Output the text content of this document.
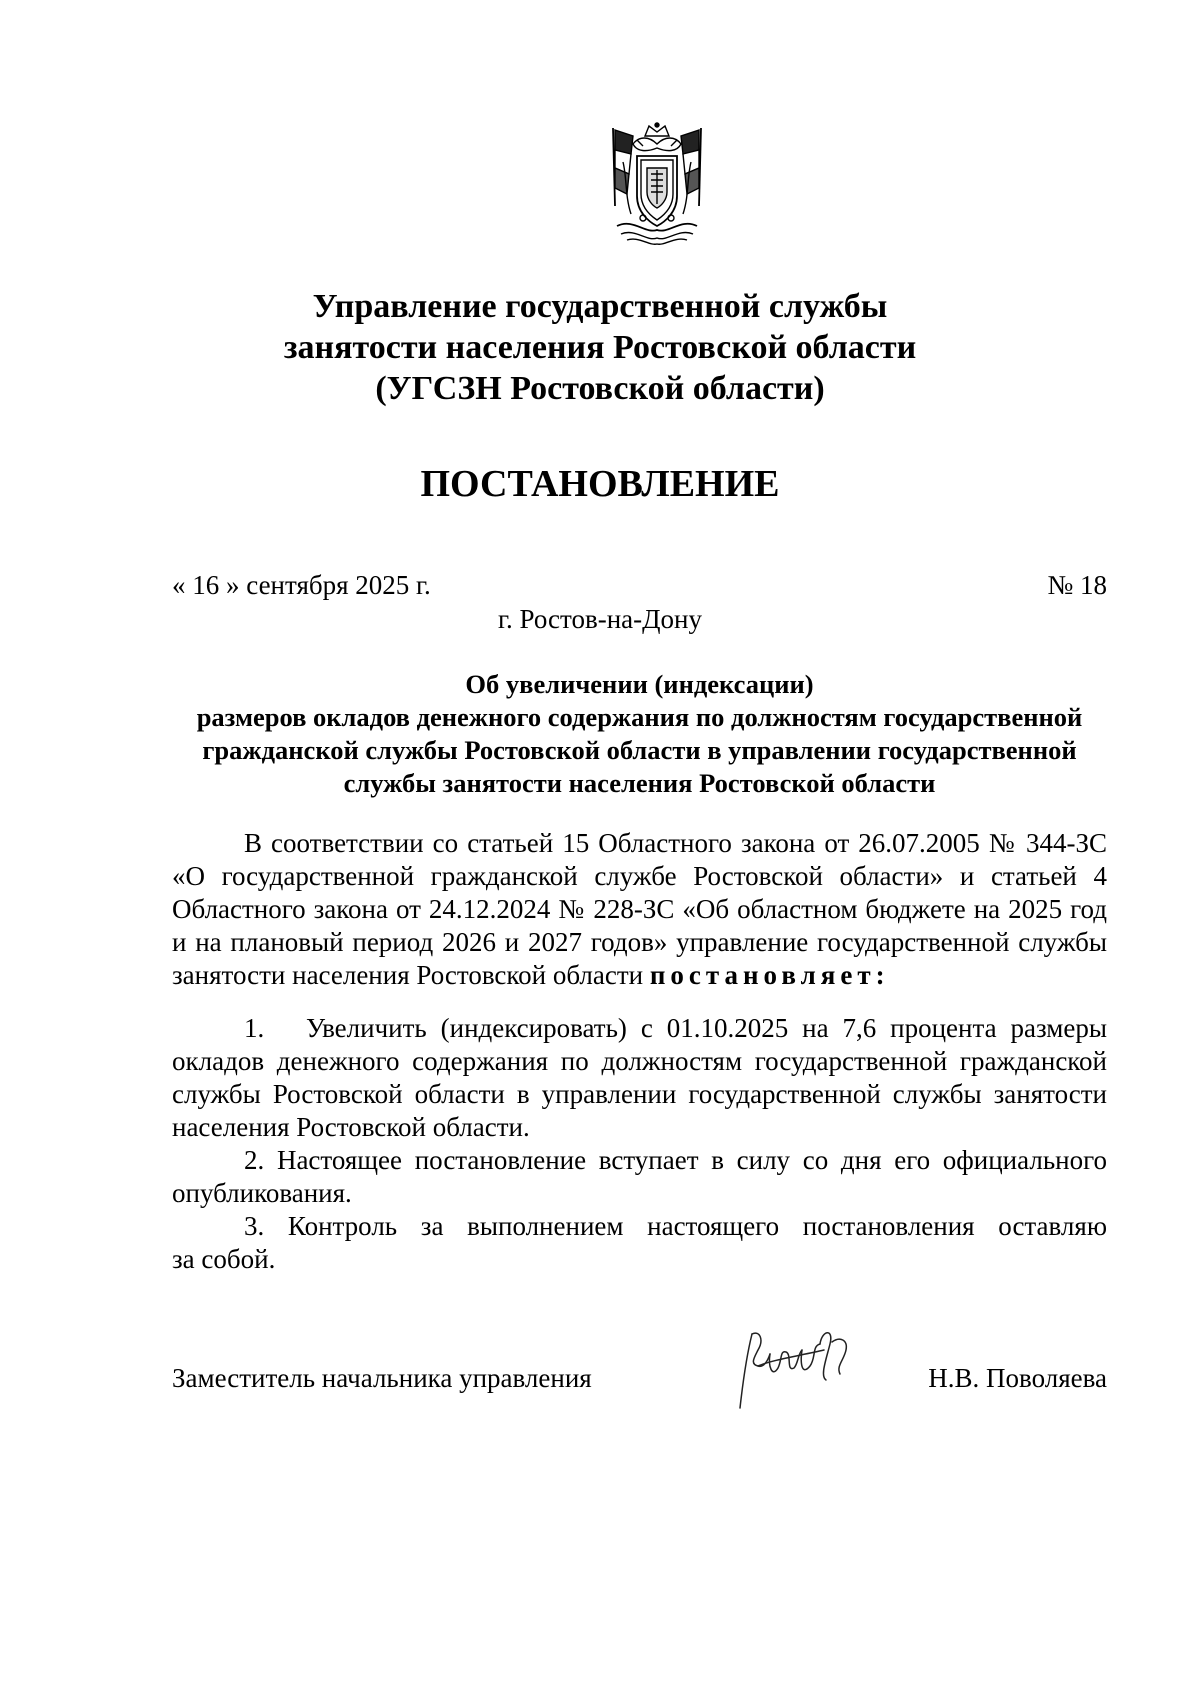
Управление государственной службы
занятости населения Ростовской области
(УГСЗН Ростовской области)
ПОСТАНОВЛЕНИЕ
« 16 » сентября 2025 г.	№ 18
г. Ростов-на-Дону
Об увеличении (индексации)
размеров окладов денежного содержания по должностям государственной
гражданской службы Ростовской области в управлении государственной
службы занятости населения Ростовской области
В соответствии со статьей 15 Областного закона от 26.07.2005 № 344-ЗС
«О государственной гражданской службе Ростовской области» и статьей 4
Областного закона от 24.12.2024 № 228-ЗС «Об областном бюджете на 2025 год
и на плановый период 2026 и 2027 годов» управление государственной службы
занятости населения Ростовской области постановляет:
1.	Увеличить (индексировать) с 01.10.2025 на 7,6 процента размеры
окладов денежного содержания по должностям государственной гражданской
службы Ростовской области в управлении государственной службы занятости
населения Ростовской области.
2. Настоящее постановление вступает в силу со дня его официального
опубликования.
3. Контроль за выполнением настоящего постановления оставляю
за собой.
Заместитель начальника управления	Н.В. Поволяева
